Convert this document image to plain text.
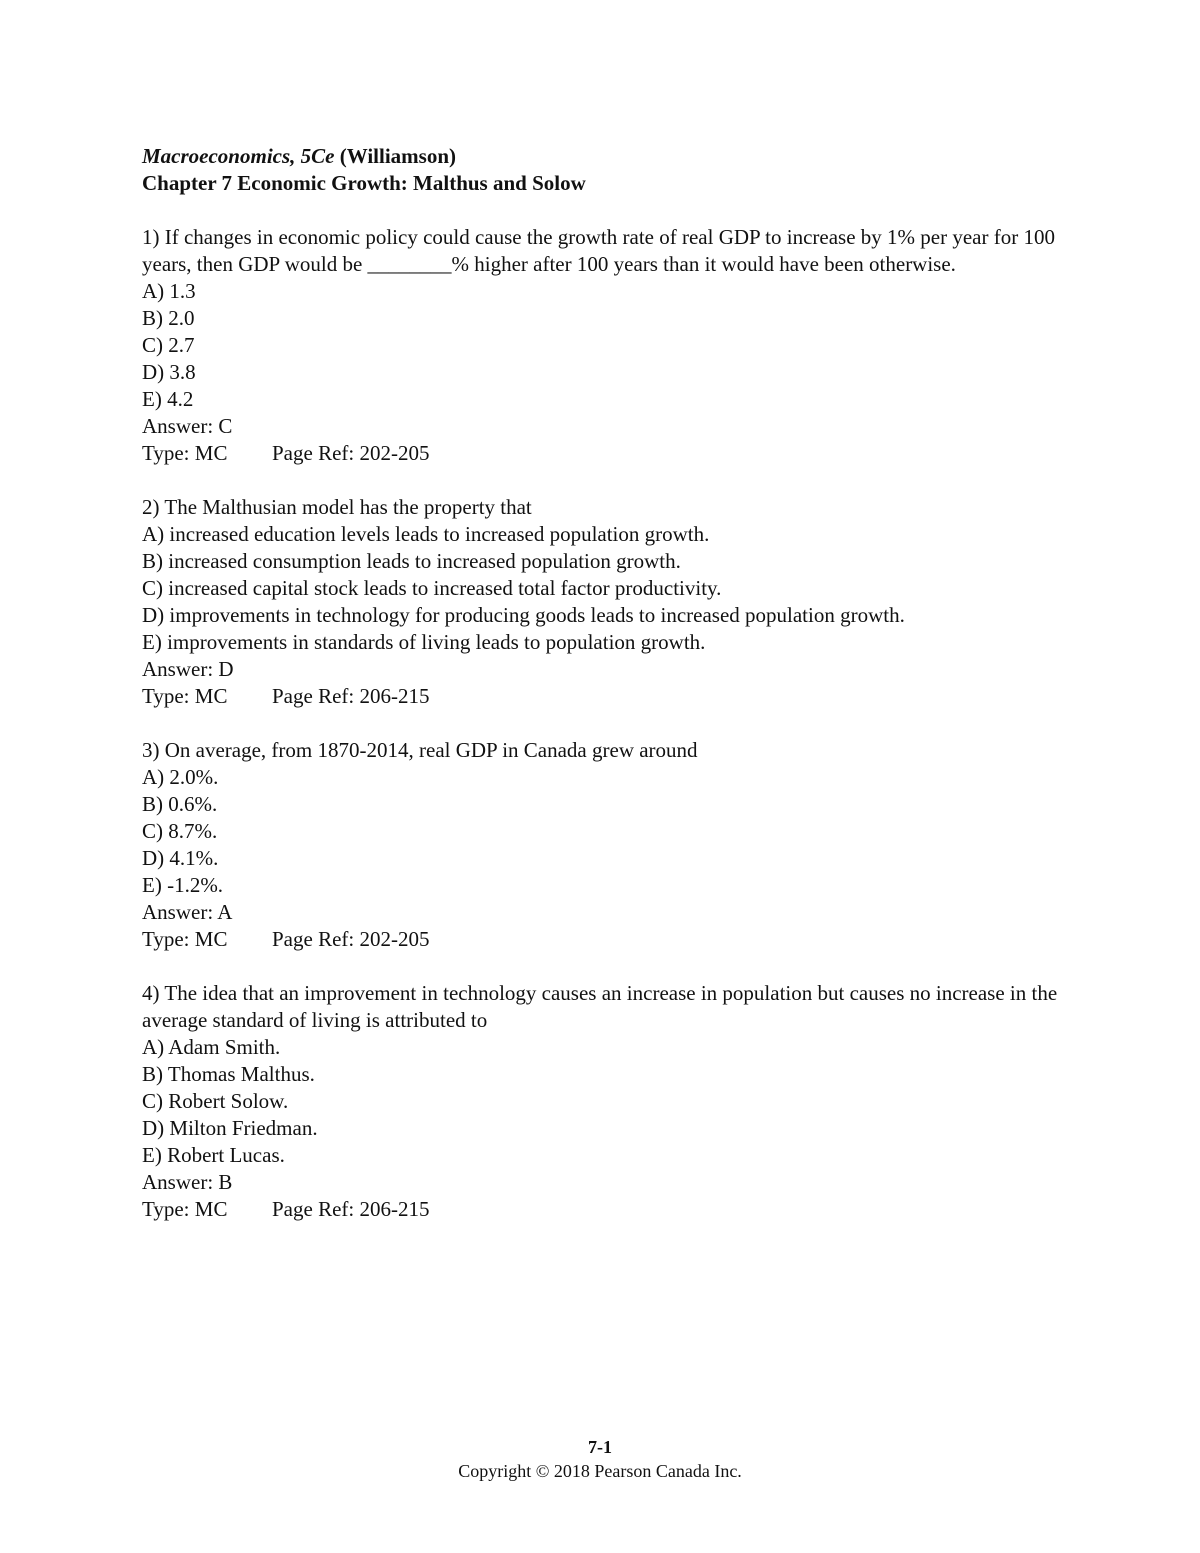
Macroeconomics, 5Ce (Williamson)
Chapter 7 Economic Growth: Malthus and Solow
1) If changes in economic policy could cause the growth rate of real GDP to increase by 1% per year for 100 years, then GDP would be ________% higher after 100 years than it would have been otherwise.
A) 1.3
B) 2.0
C) 2.7
D) 3.8
E) 4.2
Answer: C
Type: MC Page Ref: 202-205
2) The Malthusian model has the property that
A) increased education levels leads to increased population growth.
B) increased consumption leads to increased population growth.
C) increased capital stock leads to increased total factor productivity.
D) improvements in technology for producing goods leads to increased population growth.
E) improvements in standards of living leads to population growth.
Answer: D
Type: MC Page Ref: 206-215
3) On average, from 1870-2014, real GDP in Canada grew around
A) 2.0%.
B) 0.6%.
C) 8.7%.
D) 4.1%.
E) -1.2%.
Answer: A
Type: MC Page Ref: 202-205
4) The idea that an improvement in technology causes an increase in population but causes no increase in the average standard of living is attributed to
A) Adam Smith.
B) Thomas Malthus.
C) Robert Solow.
D) Milton Friedman.
E) Robert Lucas.
Answer: B
Type: MC Page Ref: 206-215
7-1
Copyright © 2018 Pearson Canada Inc.
